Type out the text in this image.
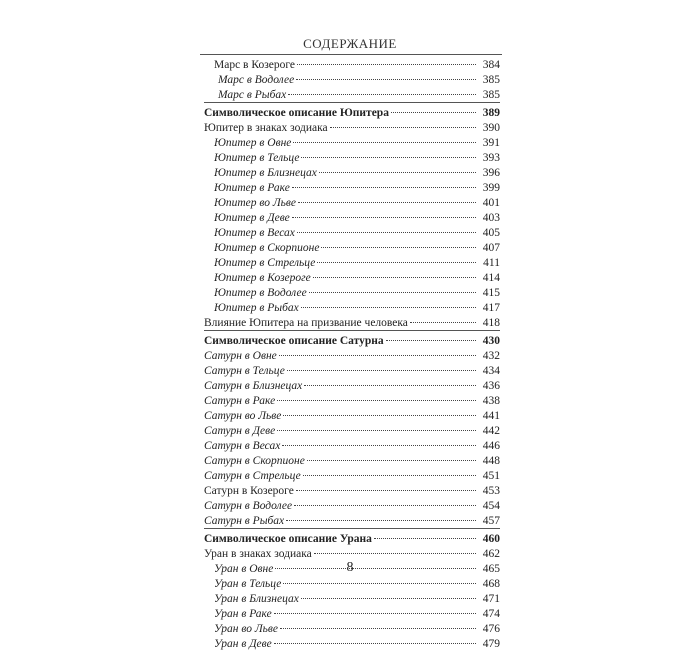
СОДЕРЖАНИЕ
Марс в Козероге	384
Марс в Водолее	385
Марс в Рыбах	385
Символическое описание Юпитера	389
Юпитер в знаках зодиака	390
Юпитер в Овне	391
Юпитер в Тельце	393
Юпитер в Близнецах	396
Юпитер в Раке	399
Юпитер во Льве	401
Юпитер в Деве	403
Юпитер в Весах	405
Юпитер в Скорпионе	407
Юпитер в Стрельце	411
Юпитер в Козероге	414
Юпитер в Водолее	415
Юпитер в Рыбах	417
Влияние Юпитера на призвание человека	418
Символическое описание Сатурна	430
Сатурн в Овне	432
Сатурн в Тельце	434
Сатурн в Близнецах	436
Сатурн в Раке	438
Сатурн во Льве	441
Сатурн в Деве	442
Сатурн в Весах	446
Сатурн в Скорпионе	448
Сатурн в Стрельце	451
Сатурн в Козероге	453
Сатурн в Водолее	454
Сатурн в Рыбах	457
Символическое описание Урана	460
Уран в знаках зодиака	462
Уран в Овне	465
Уран в Тельце	468
Уран в Близнецах	471
Уран в Раке	474
Уран во Льве	476
Уран в Деве	479
8
